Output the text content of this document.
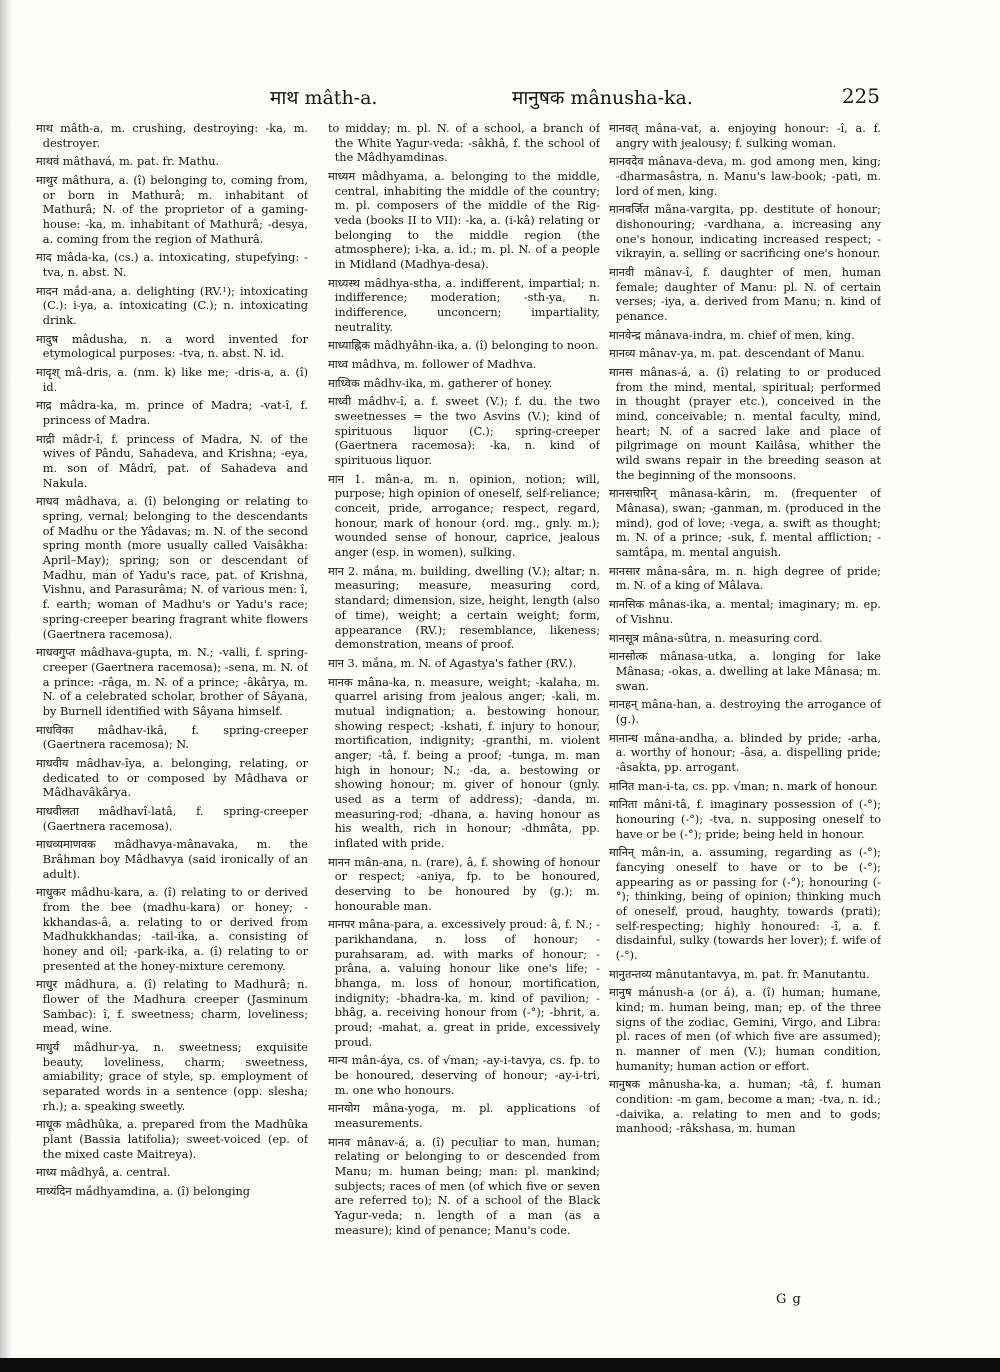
माथ mâth-a.	मानुषक mânusha-ka.	225

माथ mâth-a, m. crushing, destroying: -ka, m. destroyer.

माथवं mâthavá, m. pat. fr. Mathu.

माथुर mâthura, a. (î) belonging to, coming from, or born in Mathurâ; m. inhabitant of Mathurâ; N. of the proprietor of a gaming-house: -ka, m. inhabitant of Mathurâ; -desya, a. coming from the region of Mathurâ.

माद mâda-ka, (cs.) a. intoxicating, stupefying: -tva, n. abst. N.

मादन mắd-ana, a. delighting (RV.¹); intoxicating (C.): i-ya, a. intoxicating (C.); n. intoxicating drink.

मादुष mâdusha, n. a word invented for etymological purposes: -tva, n. abst. N. id.

मादृश् mâ-dris, a. (nm. k) like me; -dris-a, a. (î) id.

माद्र mâdra-ka, m. prince of Madra; -vat-î, f. princess of Madra.

माद्री mâdr-î, f. princess of Madra, N. of the wives of Pându, Sahadeva, and Krishna; -eya, m. son of Mâdrî, pat. of Sahadeva and Nakula.

माधव mâdhava, a. (î) belonging or relating to spring, vernal; belonging to the descendants of Madhu or the Yâdavas; m. N. of the second spring month (more usually called Vaisâkha: April–May); spring; son or descendant of Madhu, man of Yadu's race, pat. of Krishna, Vishnu, and Parasurâma; N. of various men: î, f. earth; woman of Madhu's or Yadu's race; spring-creeper bearing fragrant white flowers (Gaertnera racemosa).

माधवगुप्त mâdhava-gupta, m. N.; -valli, f. spring-creeper (Gaertnera racemosa); -sena, m. N. of a prince: -râga, m. N. of a prince; -âkârya, m. N. of a celebrated scholar, brother of Sâyana, by Burnell identified with Sâyana himself.

माधविका mâdhav-ikâ, f. spring-creeper (Gaertnera racemosa); N.

माधवीय mâdhav-îya, a. belonging, relating, or dedicated to or composed by Mâdhava or Mâdhavâkârya.

माधवीलता mâdhavî-latâ, f. spring-creeper (Gaertnera racemosa).

माधव्यमाणवक mâdhavya-mânavaka, m. the Brâhman boy Mâdhavya (said ironically of an adult).

माधुकर mâdhu-kara, a. (î) relating to or derived from the bee (madhu-kara) or honey; -kkhandas-â, a. relating to or derived from Madhukkhandas; -tail-ika, a. consisting of honey and oil; -park-ika, a. (î) relating to or presented at the honey-mixture ceremony.

माधुर mâdhura, a. (î) relating to Madhurâ; n. flower of the Madhura creeper (Jasminum Sambac): î, f. sweetness; charm, loveliness; mead, wine.

माधुर्य mâdhur-ya, n. sweetness; exquisite beauty, loveliness, charm; sweetness, amiability; grace of style, sp. employment of separated words in a sentence (opp. slesha; rh.); a. speaking sweetly.

माधूक mâdhûka, a. prepared from the Madhûka plant (Bassia latifolia); sweet-voiced (ep. of the mixed caste Maitreya).

माध्य mâdhyâ, a. central.

माध्यंदिन mắdhyamdina, a. (î) belonging

to midday; m. pl. N. of a school, a branch of the White Yagur-veda: -sâkhâ, f. the school of the Mâdhyamdinas.

माध्यम mâdhyama, a. belonging to the middle, central, inhabiting the middle of the country; m. pl. composers of the middle of the Rig-veda (books II to VII): -ka, a. (i-kâ) relating or belonging to the middle region (the atmosphere); i-ka, a. id.; m. pl. N. of a people in Midland (Madhya-desa).

माध्यस्थ mâdhya-stha, a. indifferent, impartial; n. indifference; moderation; -sth-ya, n. indifference, unconcern; impartiality, neutrality.

माध्याह्निक mâdhyâhn-ika, a. (î) belonging to noon.

माध्व mâdhva, m. follower of Madhva.

माध्विक mâdhv-ika, m. gatherer of honey.

माध्वी mâdhv-î, a. f. sweet (V.); f. du. the two sweetnesses = the two Asvins (V.); kind of spirituous liquor (C.); spring-creeper (Gaertnera racemosa): -ka, n. kind of spirituous liquor.

मान 1. mân-a, m. n. opinion, notion; will, purpose; high opinion of oneself, self-reliance; conceit, pride, arrogance; respect, regard, honour, mark of honour (ord. mg., gnly. m.); wounded sense of honour, caprice, jealous anger (esp. in women), sulking.

मान 2. mắna, m. building, dwelling (V.); altar; n. measuring; measure, measuring cord, standard; dimension, size, height, length (also of time), weight; a certain weight; form, appearance (RV.); resemblance, likeness; demonstration, means of proof.

मान 3. mắna, m. N. of Agastya's father (RV.).

मानक mâna-ka, n. measure, weight; -kalaha, m. quarrel arising from jealous anger; -kali, m. mutual indignation; a. bestowing honour, showing respect; -kshati, f. injury to honour, mortification, indignity; -granthi, m. violent anger; -tâ, f. being a proof; -tunga, m. man high in honour; N.; -da, a. bestowing or showing honour; m. giver of honour (gnly. used as a term of address); -danda, m. measuring-rod; -dhana, a. having honour as his wealth, rich in honour; -dhmâta, pp. inflated with pride.

मानन mân-ana, n. (rare), â, f. showing of honour or respect; -aniya, fp. to be honoured, deserving to be honoured by (g.); m. honourable man.

मानपर mâna-para, a. excessively proud: â, f. N.; -parikhandana, n. loss of honour; -purahsaram, ad. with marks of honour; -prâna, a. valuing honour like one's life; -bhanga, m. loss of honour, mortification, indignity; -bhadra-ka, m. kind of pavilion; -bhâg, a. receiving honour from (-°); -bhrit, a. proud; -mahat, a. great in pride, excessively proud.

मान्य mân-áya, cs. of √man; -ay-i-tavya, cs. fp. to be honoured, deserving of honour; -ay-i-tri, m. one who honours.

मानयोग mâna-yoga, m. pl. applications of measurements.

मानव mânav-á, a. (î) peculiar to man, human; relating or belonging to or descended from Manu; m. human being; man: pl. mankind; subjects; races of men (of which five or seven are referred to); N. of a school of the Black Yagur-veda; n. length of a man (as a measure); kind of penance; Manu's code.

मानवत् mâna-vat, a. enjoying honour: -î, a. f. angry with jealousy; f. sulking woman.

मानवदेव mânava-deva, m. god among men, king; -dharmasâstra, n. Manu's law-book; -pati, m. lord of men, king.

मानवर्जित mâna-vargita, pp. destitute of honour; dishonouring; -vardhana, a. increasing any one's honour, indicating increased respect; -vikrayin, a. selling or sacrificing one's honour.

मानवी mânav-î, f. daughter of men, human female; daughter of Manu: pl. N. of certain verses; -iya, a. derived from Manu; n. kind of penance.

मानवेन्द्र mânava-indra, m. chief of men, king.

मानव्य mânav-ya, m. pat. descendant of Manu.

मानस mânas-á, a. (î) relating to or produced from the mind, mental, spiritual; performed in thought (prayer etc.), conceived in the mind, conceivable; n. mental faculty, mind, heart; N. of a sacred lake and place of pilgrimage on mount Kailâsa, whither the wild swans repair in the breeding season at the beginning of the monsoons.

मानसचारिन् mânasa-kârin, m. (frequenter of Mânasa), swan; -ganman, m. (produced in the mind), god of love; -vega, a. swift as thought; m. N. of a prince; -suk, f. mental affliction; -samtâpa, m. mental anguish.

मानसार mâna-sâra, m. n. high degree of pride; m. N. of a king of Mâlava.

मानसिक mânas-ika, a. mental; imaginary; m. ep. of Vishnu.

मानसूत्र mâna-sûtra, n. measuring cord.

मानसोत्क mânasa-utka, a. longing for lake Mânasa; -okas, a. dwelling at lake Mânasa; m. swan.

मानहन् mâna-han, a. destroying the arrogance of (g.).

मानान्ध mâna-andha, a. blinded by pride; -arha, a. worthy of honour; -âsa, a. dispelling pride; -âsakta, pp. arrogant.

मानित man-i-ta, cs. pp. √man; n. mark of honour.

मानिता mâni-tâ, f. imaginary possession of (-°); honouring (-°); -tva, n. supposing oneself to have or be (-°); pride; being held in honour.

मानिन् mân-in, a. assuming, regarding as (-°); fancying oneself to have or to be (-°); appearing as or passing for (-°); honouring (-°); thinking, being of opinion; thinking much of oneself, proud, haughty, towards (prati); self-respecting; highly honoured: -î, a. f. disdainful, sulky (towards her lover); f. wife of (-°).

मानुतन्तव्य mânutantavya, m. pat. fr. Manutantu.

मानुष mắnush-a (or á), a. (î) human; humane, kind; m. human being, man; ep. of the three signs of the zodiac, Gemini, Virgo, and Libra: pl. races of men (of which five are assumed); n. manner of men (V.); human condition, humanity; human action or effort.

मानुषक mânusha-ka, a. human; -tâ, f. human condition: -m gam, become a man; -tva, n. id.; -daivika, a. relating to men and to gods; manhood; -râkshasa, m. human

G g
